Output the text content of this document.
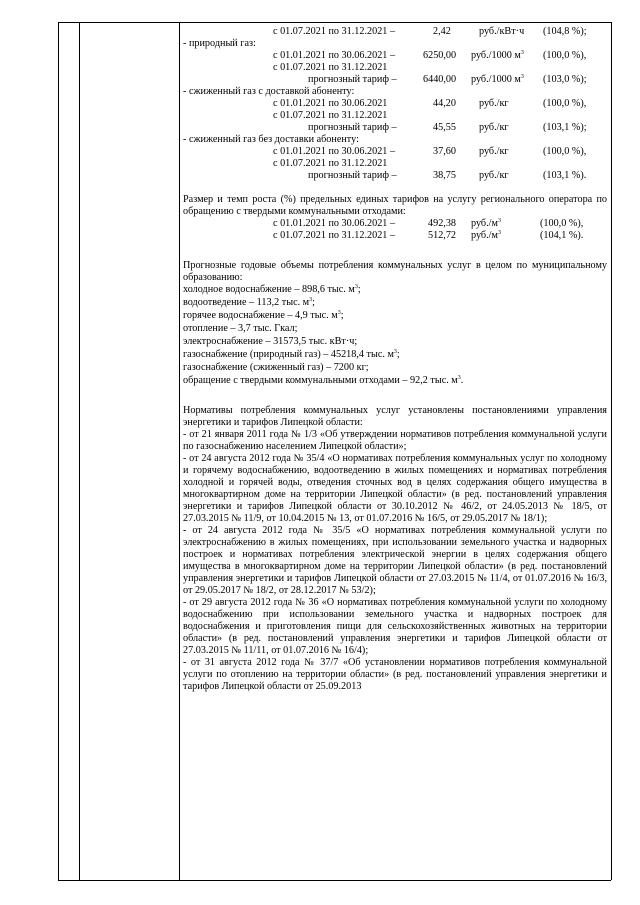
с 01.07.2021 по 31.12.2021 –	2,42	руб./кВт·ч (104,8 %);
- природный газ:
с 01.01.2021 по 30.06.2021 –	6250,00 руб./1000 $м^3$ (100,0 %),
с 01.07.2021 по 31.12.2021
прогнозный тариф –	6440,00 руб./1000 $м^3$ (103,0 %);
- сжиженный газ с доставкой абоненту:
с 01.01.2021 по 30.06.2021	44,20 руб./кг	(100,0 %),
с 01.07.2021 по 31.12.2021
прогнозный тариф –	45,55 руб./кг	(103,1 %);
- сжиженный газ без доставки абоненту:
с 01.01.2021 по 30.06.2021 –	37,60 руб./кг	(100,0 %),
с 01.07.2021 по 31.12.2021
прогнозный тариф –	38,75 руб./кг	(103,1 %).

Размер и темп роста (%) предельных единых тарифов на услугу регионального оператора по обращению с твердыми коммунальными отходами:

с 01.01.2021 по 30.06.2021 –	492,38 $руб./м^3$	(100,0 %),
с 01.07.2021 по 31.12.2021 –	512,72 $руб./м^3$	(104,1 %).

Прогнозные годовые объемы потребления коммунальных услуг в целом по муниципальному образованию:

холодное водоснабжение – 898,6 тыс. $м^3$;

водоотведение – 113,2 тыс. $м^3$;

горячее водоснабжение – 4,9 тыс. $м^3$;

отопление – 3,7 тыс. Гкал;

электроснабжение – 31573,5 тыс. кВт·ч;

газоснабжение (природный газ) – 45218,4 тыс. $м^3$;

газоснабжение (сжиженный газ) – 7200 кг;

обращение с твердыми коммунальными отходами – 92,2 тыс. $м^3$.

Нормативы потребления коммунальных услуг установлены постановлениями управления энергетики и тарифов Липецкой области:

- от 21 января 2011 года № 1/3 «Об утверждении нормативов потребления коммунальной услуги по газоснабжению населением Липецкой области»;

- от 24 августа 2012 года № 35/4 «О нормативах потребления коммунальных услуг по холодному и горячему водоснабжению, водоотведению в жилых помещениях и нормативах потребления холодной и горячей воды, отведения сточных вод в целях содержания общего имущества в многоквартирном доме на территории Липецкой области» (в ред. постановлений управления энергетики и тарифов Липецкой области от 30.10.2012 № 46/2, от 24.05.2013 № 18/5, от 27.03.2015 № 11/9, от 10.04.2015 № 13, от 01.07.2016 № 16/5, от 29.05.2017 № 18/1);

- от 24 августа 2012 года № 35/5 «О нормативах потребления коммунальной услуги по электроснабжению в жилых помещениях, при использовании земельного участка и надворных построек и нормативах потребления электрической энергии в целях содержания общего имущества в многоквартирном доме на территории Липецкой области» (в ред. постановлений управления энергетики и тарифов Липецкой области от 27.03.2015 № 11/4, от 01.07.2016 № 16/3, от 29.05.2017 № 18/2, от 28.12.2017 № 53/2);

- от 29 августа 2012 года № 36 «О нормативах потребления коммунальной услуги по холодному водоснабжению при использовании земельного участка и надворных построек для водоснабжения и приготовления пищи для сельскохозяйственных животных на территории области» (в ред. постановлений управления энергетики и тарифов Липецкой области от 27.03.2015 № 11/11, от 01.07.2016 № 16/4);

- от 31 августа 2012 года № 37/7 «Об установлении нормативов потребления коммунальной услуги по отоплению на территории области» (в ред. постановлений управления энергетики и тарифов Липецкой области от 25.09.2013
